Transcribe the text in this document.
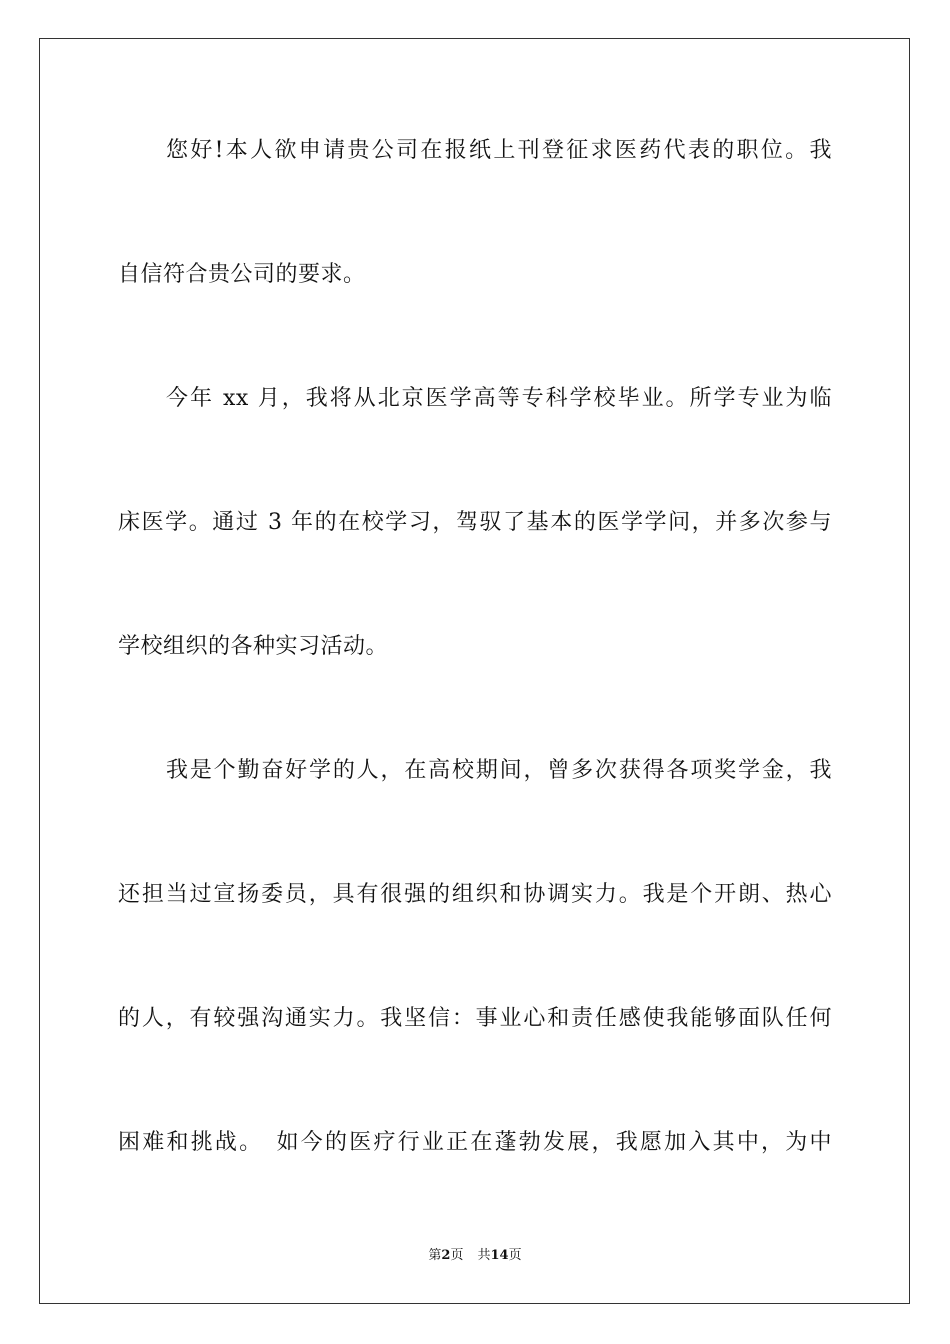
您好!本人欲申请贵公司在报纸上刊登征求医药代表的职位。我
自信符合贵公司的要求。
今年 xx 月，我将从北京医学高等专科学校毕业。所学专业为临
床医学。通过 3 年的在校学习，驾驭了基本的医学学问，并多次参与
学校组织的各种实习活动。
我是个勤奋好学的人，在高校期间，曾多次获得各项奖学金，我
还担当过宣扬委员，具有很强的组织和协调实力。我是个开朗、热心
的人，有较强沟通实力。我坚信：事业心和责任感使我能够面队任何
困难和挑战。　如今的医疗行业正在蓬勃发展，我愿加入其中，为中
第2页 共14页
